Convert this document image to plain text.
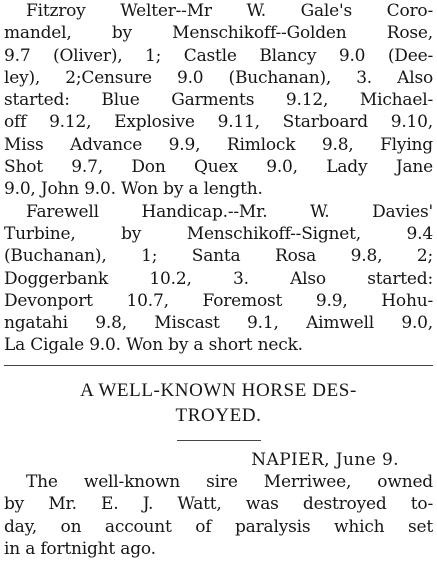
Fitzroy Welter--Mr W. Gale's Coro-
mandel, by Menschikoff--Golden Rose,
9.7 (Oliver), 1; Castle Blancy 9.0 (Dee-
ley), 2;Censure 9.0 (Buchanan), 3. Also
started: Blue Garments 9.12, Michael-
off 9.12, Explosive 9.11, Starboard 9.10,
Miss Advance 9.9, Rimlock 9.8, Flying
Shot 9.7, Don Quex 9.0, Lady Jane
9.0, John 9.0. Won by a length.
Farewell Handicap.--Mr. W. Davies'
Turbine, by Menschikoff--Signet, 9.4
(Buchanan), 1; Santa Rosa 9.8, 2;
Doggerbank 10.2, 3. Also started:
Devonport 10.7, Foremost 9.9, Hohu-
ngatahi 9.8, Miscast 9.1, Aimwell 9.0,
La Cigale 9.0. Won by a short neck.
A WELL-KNOWN HORSE DES-
TROYED.
NAPIER, June 9.
The well-known sire Merriwee, owned
by Mr. E. J. Watt, was destroyed to-
day, on account of paralysis which set
in a fortnight ago.
